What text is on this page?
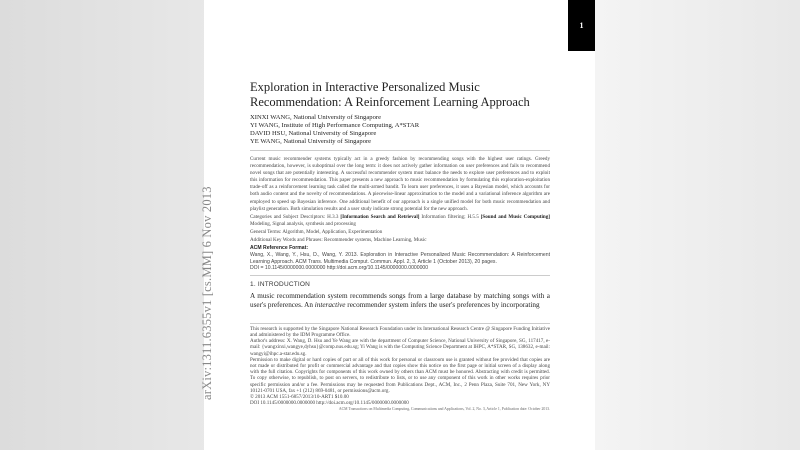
1
arXiv:1311.6355v1 [cs.MM] 6 Nov 2013
Exploration in Interactive Personalized Music Recommendation: A Reinforcement Learning Approach
XINXI WANG, National University of Singapore
YI WANG, Institute of High Performance Computing, A*STAR
DAVID HSU, National University of Singapore
YE WANG, National University of Singapore

Current music recommender systems typically act in a greedy fashion by recommending songs with the highest user ratings. Greedy recommendation, however, is suboptimal over the long term: it does not actively gather information on user preferences and fails to recommend novel songs that are potentially interesting. A successful recommender system must balance the needs to explore user preferences and to exploit this information for recommendation. This paper presents a new approach to music recommendation by formulating this exploration-exploitation trade-off as a reinforcement learning task called the multi-armed bandit. To learn user preferences, it uses a Bayesian model, which accounts for both audio content and the novelty of recommendations. A piecewise-linear approximation to the model and a variational inference algorithm are employed to speed up Bayesian inference. One additional benefit of our approach is a single unified model for both music recommendation and playlist generation. Both simulation results and a user study indicate strong potential for the new approach.

Categories and Subject Descriptors: H.3.3 [Information Search and Retrieval] Information filtering; H.5.5 [Sound and Music Computing] Modeling, Signal analysis, synthesis and processing

General Terms: Algorithm, Model, Application, Experimentation

Additional Key Words and Phrases: Recommender systems, Machine Learning, Music

ACM Reference Format:

Wang, X., Wang, Y., Hsu, D., Wang, Y. 2013. Exploration in Interactive Personalized Music Recommendation: A Reinforcement Learning Approach. ACM Trans. Multimedia Comput. Commun. Appl. 2, 3, Article 1 (October 2013), 20 pages.

DOI = 10.1145/0000000.0000000 http://doi.acm.org/10.1145/0000000.0000000

1. INTRODUCTION
A music recommendation system recommends songs from a large database by matching songs with a user's preferences. An interactive recommender system infers the user's preferences by incorporating
This research is supported by the Singapore National Research Foundation under its International Research Centre @ Singapore Funding Initiative and administered by the IDM Programme Office.
Author's address: X. Wang, D. Hsu and Ye Wang are with the department of Computer Science, National University of Singapore, SG, 117417, e-mail: {wangxinxi,wangye,dyhsu}@comp.nus.edu.sg; Yi Wang is with the Computing Science Department at IHPC, A*STAR, SG, 138632, e-mail: wangyi@ihpc.a-star.edu.sg.
Permission to make digital or hard copies of part or all of this work for personal or classroom use is granted without fee provided that copies are not made or distributed for profit or commercial advantage and that copies show this notice on the first page or initial screen of a display along with the full citation. Copyrights for components of this work owned by others than ACM must be honored. Abstracting with credit is permitted. To copy otherwise, to republish, to post on servers, to redistribute to lists, or to use any component of this work in other works requires prior specific permission and/or a fee. Permissions may be requested from Publications Dept., ACM, Inc., 2 Penn Plaza, Suite 701, New York, NY 10121-0701 USA, fax +1 (212) 869-0481, or permissions@acm.org.
© 2013 ACM 1551-6857/2013/10-ART1 $10.00
DOI 10.1145/0000000.0000000 http://doi.acm.org/10.1145/0000000.0000000
ACM Transactions on Multimedia Computing, Communications and Applications, Vol. 2, No. 3, Article 1, Publication date: October 2013.
